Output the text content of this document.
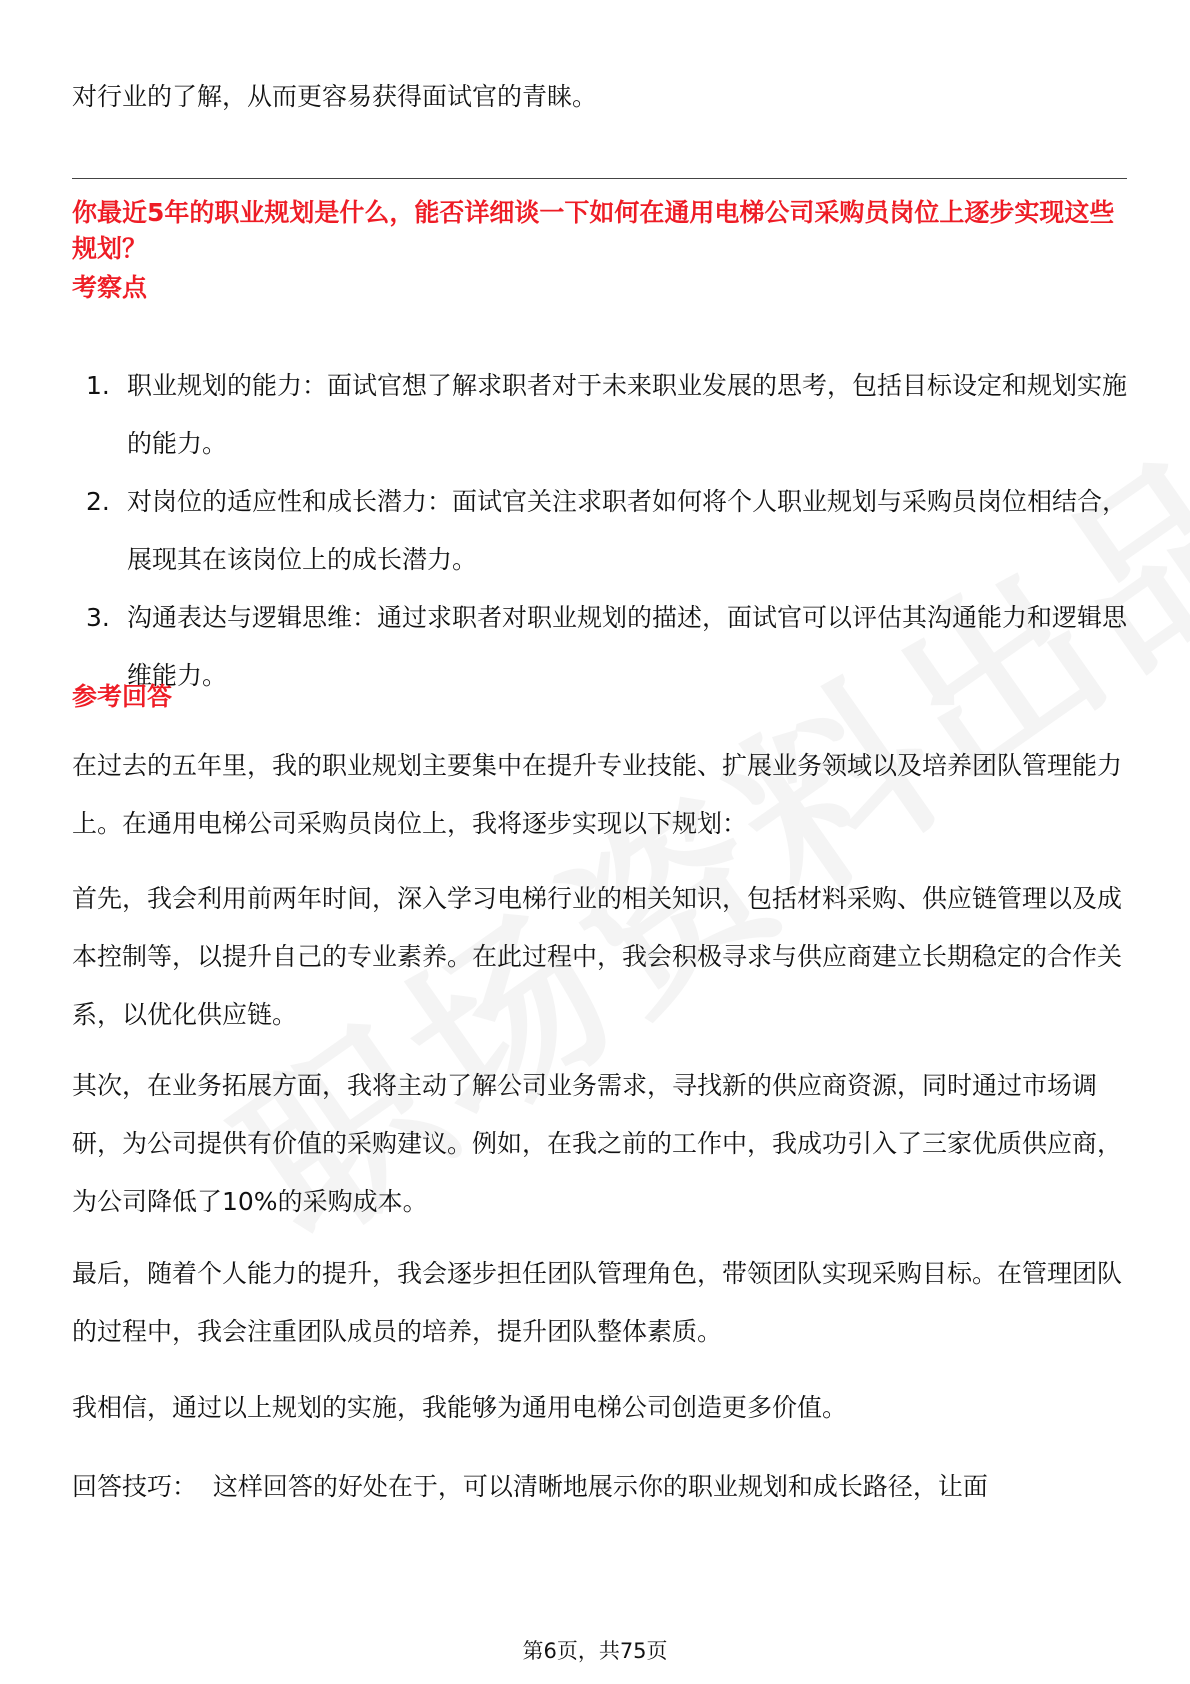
对行业的了解，从而更容易获得面试官的青睐。

你最近5年的职业规划是什么，能否详细谈一下如何在通用电梯公司采购员岗位上逐步实现这些规划？

考察点

1. 职业规划的能力：面试官想了解求职者对于未来职业发展的思考，包括目标设定和规划实施的能力。
2. 对岗位的适应性和成长潜力：面试官关注求职者如何将个人职业规划与采购员岗位相结合，展现其在该岗位上的成长潜力。
3. 沟通表达与逻辑思维：通过求职者对职业规划的描述，面试官可以评估其沟通能力和逻辑思维能力。

参考回答

在过去的五年里，我的职业规划主要集中在提升专业技能、扩展业务领域以及培养团队管理能力上。在通用电梯公司采购员岗位上，我将逐步实现以下规划：

首先，我会利用前两年时间，深入学习电梯行业的相关知识，包括材料采购、供应链管理以及成本控制等，以提升自己的专业素养。在此过程中，我会积极寻求与供应商建立长期稳定的合作关系，以优化供应链。

其次，在业务拓展方面，我将主动了解公司业务需求，寻找新的供应商资源，同时通过市场调研，为公司提供有价值的采购建议。例如，在我之前的工作中，我成功引入了三家优质供应商，为公司降低了10%的采购成本。

最后，随着个人能力的提升，我会逐步担任团队管理角色，带领团队实现采购目标。在管理团队的过程中，我会注重团队成员的培养，提升团队整体素质。

我相信，通过以上规划的实施，我能够为通用电梯公司创造更多价值。

回答技巧：  这样回答的好处在于，可以清晰地展示你的职业规划和成长路径，让面

第6页，共75页
